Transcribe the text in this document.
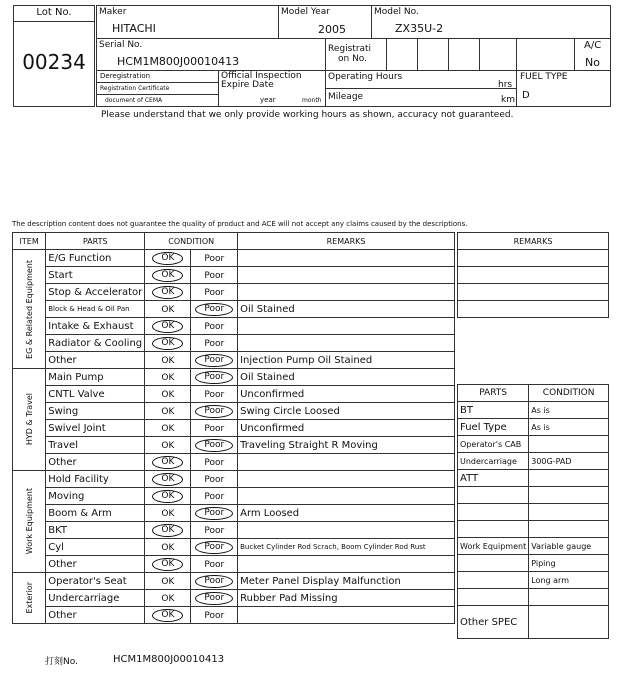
Lot No.
00234
Maker
HITACHI
Model Year
2005
Model No.
ZX35U-2
Serial No.
HCM1M800J00010413
Registrati
on No.
A/C
No
Deregistration
Registration Certificate
document of CEMA
Official Inspection
Expire Date
year	month
Operating Hours
hrs
Mileage	km
FUEL TYPE
D
Please understand that we only provide working hours as shown, accuracy not guaranteed.
The description content does not guarantee the quality of product and ACE will not accept any claims caused by the descriptions.
ITEM	PARTS	CONDITION		REMARKS

EG & Related Equipment	E/G Function	OK	Poor	
	Start	OK	Poor	
	Stop & Accelerator	OK	Poor	
	Block & Head & Oil Pan	OK	Poor	Oil Stained
	Intake & Exhaust	OK	Poor	
	Radiator & Cooling	OK	Poor	
	Other	OK	Poor	Injection Pump Oil Stained

HYD & Travel	Main Pump	OK	Poor	Oil Stained
	CNTL Valve	OK	Poor	Unconfirmed
	Swing	OK	Poor	Swing Circle Loosed
	Swivel Joint	OK	Poor	Unconfirmed
	Travel	OK	Poor	Traveling Straight R Moving
	Other	OK	Poor	

Work Equipment	Hold Facility	OK	Poor	
	Moving	OK	Poor	
	Boom & Arm	OK	Poor	Arm Loosed
	BKT	OK	Poor	
	Cyl	OK	Poor	Bucket Cylinder Rod Scrach, Boom Cylinder Rod Rust
	Other	OK	Poor	

Exterior	Operator's Seat	OK	Poor	Meter Panel Display Malfunction
	Undercarriage	OK	Poor	Rubber Pad Missing
	Other	OK	Poor	
REMARKS

PARTS	CONDITION
BT	As is
Fuel Type	As is
Operator's CAB	
Undercarriage	300G-PAD
ATT	

Work Equipment	Variable gauge
	Piping
	Long arm

Other SPEC	
打刻No.	HCM1M800J00010413
